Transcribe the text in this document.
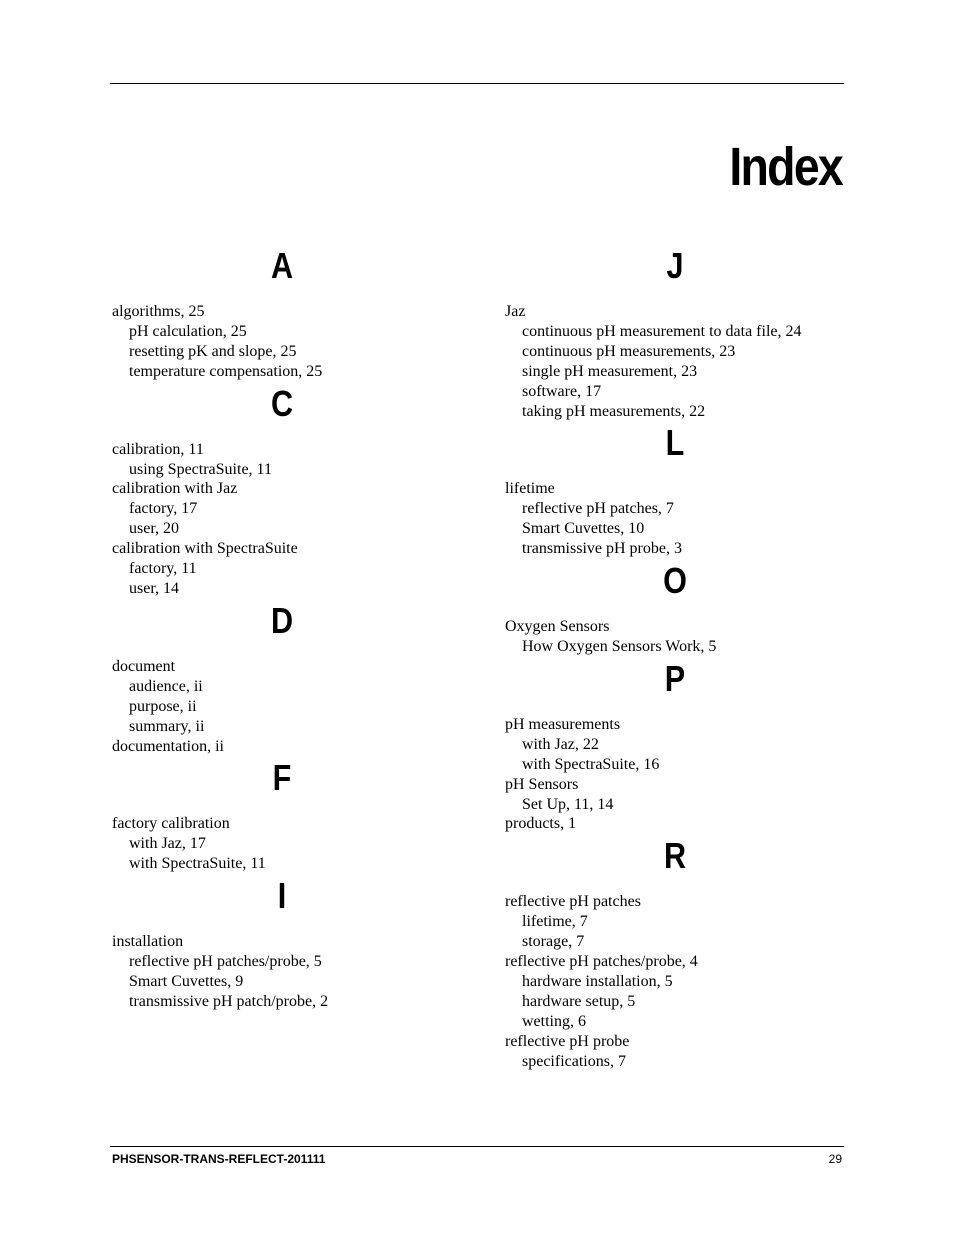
Index
A
algorithms, 25
pH calculation, 25
resetting pK and slope, 25
temperature compensation, 25
C
calibration, 11
using SpectraSuite, 11
calibration with Jaz
factory, 17
user, 20
calibration with SpectraSuite
factory, 11
user, 14
D
document
audience, ii
purpose, ii
summary, ii
documentation, ii
F
factory calibration
with Jaz, 17
with SpectraSuite, 11
I
installation
reflective pH patches/probe, 5
Smart Cuvettes, 9
transmissive pH patch/probe, 2
J
Jaz
continuous pH measurement to data file, 24
continuous pH measurements, 23
single pH measurement, 23
software, 17
taking pH measurements, 22
L
lifetime
reflective pH patches, 7
Smart Cuvettes, 10
transmissive pH probe, 3
O
Oxygen Sensors
How Oxygen Sensors Work, 5
P
pH measurements
with Jaz, 22
with SpectraSuite, 16
pH Sensors
Set Up, 11, 14
products, 1
R
reflective pH patches
lifetime, 7
storage, 7
reflective pH patches/probe, 4
hardware installation, 5
hardware setup, 5
wetting, 6
reflective pH probe
specifications, 7
PHSENSOR-TRANS-REFLECT-201111	29
